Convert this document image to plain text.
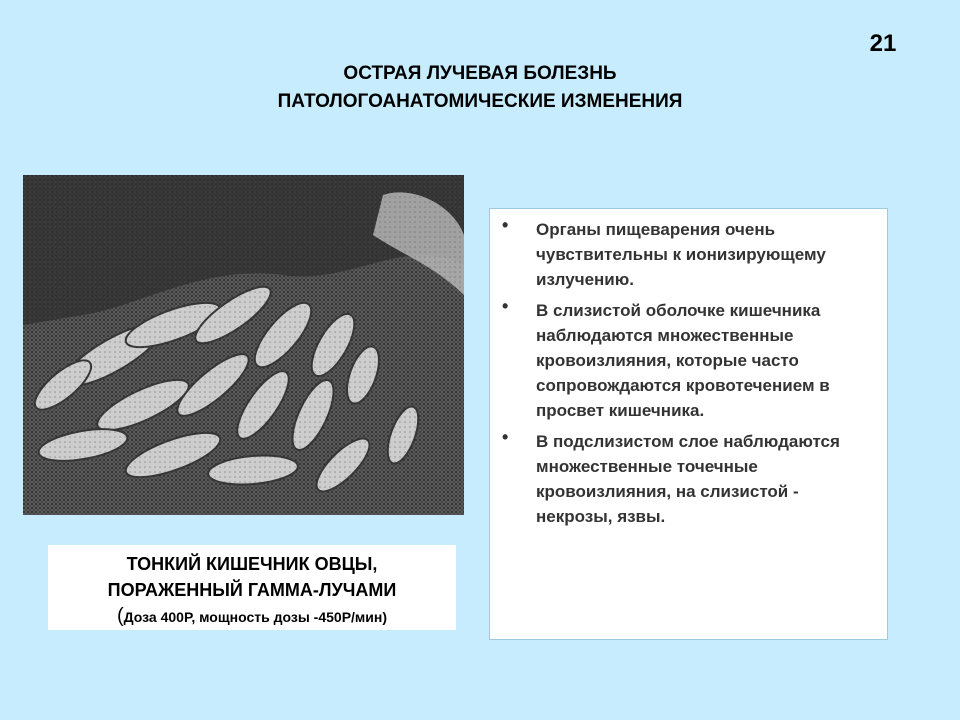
21
ОСТРАЯ ЛУЧЕВАЯ БОЛЕЗНЬ
ПАТОЛОГОАНАТОМИЧЕСКИЕ ИЗМЕНЕНИЯ
ТОНКИЙ КИШЕЧНИК ОВЦЫ,
ПОРАЖЕННЫЙ ГАММА-ЛУЧАМИ
(Доза 400Р, мощность дозы -450Р/мин)
• Органы пищеварения очень чувствительны к ионизирующему излучению.
• В слизистой оболочке кишечника наблюдаются множественные кровоизлияния, которые часто сопровождаются кровотечением в просвет кишечника.
• В подслизистом слое наблюдаются множественные точечные кровоизлияния, на слизистой - некрозы, язвы.
